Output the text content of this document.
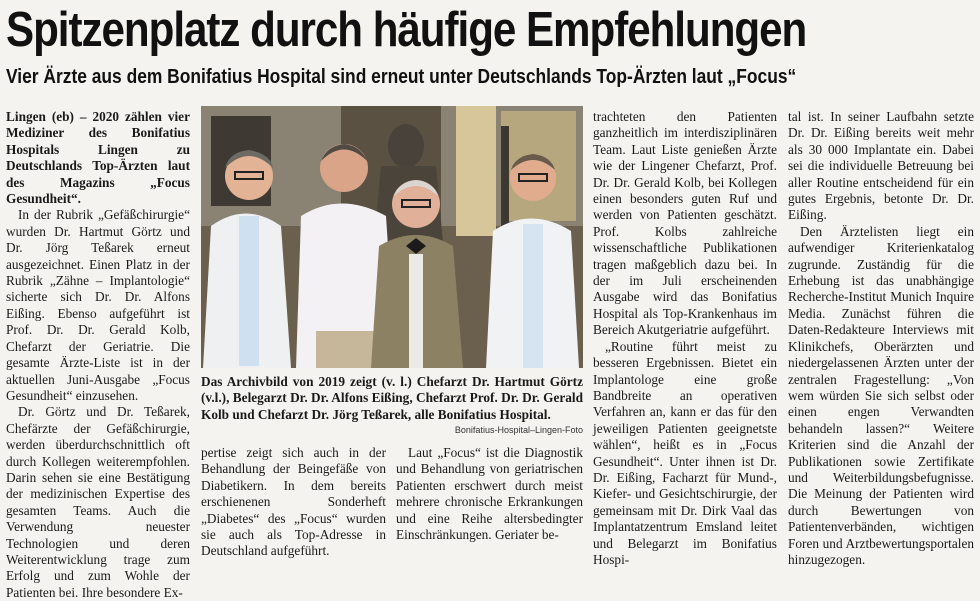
Spitzenplatz durch häufige Empfehlungen
Vier Ärzte aus dem Bonifatius Hospital sind erneut unter Deutschlands Top-Ärzten laut „Focus“

Lingen (eb) – 2020 zählen vier Mediziner des Bonifatius Hospitals Lingen zu Deutschlands Top-Ärzten laut des Magazins „Focus Gesundheit“.

In der Rubrik „Gefäßchirurgie“ wurden Dr. Hartmut Görtz und Dr. Jörg Teßarek erneut ausgezeichnet. Einen Platz in der Rubrik „Zähne – Implantologie“ sicherte sich Dr. Dr. Alfons Eißing. Ebenso aufgeführt ist Prof. Dr. Dr. Gerald Kolb, Chefarzt der Geriatrie. Die gesamte Ärzte-Liste ist in der aktuellen Juni-Ausgabe „Focus Gesundheit“ einzusehen.

Dr. Görtz und Dr. Teßarek, Chefärzte der Gefäßchirurgie, werden überdurchschnittlich oft durch Kollegen weiterempfohlen. Darin sehen sie eine Bestätigung der medizinischen Expertise des gesamten Teams. Auch die Verwendung neuester Technologien und deren Weiterentwicklung trage zum Erfolg und zum Wohle der Patienten bei. Ihre besondere Ex-

Das Archivbild von 2019 zeigt (v. l.) Chefarzt Dr. Hartmut Görtz (v.l.), Belegarzt Dr. Dr. Alfons Eißing, Chefarzt Prof. Dr. Dr. Gerald Kolb und Chefarzt Dr. Jörg Teßarek, alle Bonifatius Hospital.
Bonifatius-Hospital–Lingen-Foto

pertise zeigt sich auch in der Behandlung der Beingefäße von Diabetikern. In dem bereits erschienenen Sonderheft „Diabetes“ des „Focus“ wurden sie auch als Top-Adresse in Deutschland aufgeführt.

Laut „Focus“ ist die Diagnostik und Behandlung von geriatrischen Patienten erschwert durch meist mehrere chronische Erkrankungen und eine Reihe altersbedingter Einschränkungen. Geriater be-

trachteten den Patienten ganzheitlich im interdisziplinären Team. Laut Liste genießen Ärzte wie der Lingener Chefarzt, Prof. Dr. Dr. Gerald Kolb, bei Kollegen einen besonders guten Ruf und werden von Patienten geschätzt. Prof. Kolbs zahlreiche wissenschaftliche Publikationen tragen maßgeblich dazu bei. In der im Juli erscheinenden Ausgabe wird das Bonifatius Hospital als Top-Krankenhaus im Bereich Akutgeriatrie aufgeführt.

„Routine führt meist zu besseren Ergebnissen. Bietet ein Implantologe eine große Bandbreite an operativen Verfahren an, kann er das für den jeweiligen Patienten geeignetste wählen“, heißt es in „Focus Gesundheit“. Unter ihnen ist Dr. Dr. Eißing, Facharzt für Mund-, Kiefer- und Gesichtschirurgie, der gemeinsam mit Dr. Dirk Vaal das Implantatzentrum Emsland leitet und Belegarzt im Bonifatius Hospi-

tal ist. In seiner Laufbahn setzte Dr. Dr. Eißing bereits weit mehr als 30 000 Implantate ein. Dabei sei die individuelle Betreuung bei aller Routine entscheidend für ein gutes Ergebnis, betonte Dr. Dr. Eißing.

Den Ärztelisten liegt ein aufwendiger Kriterienkatalog zugrunde. Zuständig für die Erhebung ist das unabhängige Recherche-Institut Munich Inquire Media. Zunächst führen die Daten-Redakteure Interviews mit Klinikchefs, Oberärzten und niedergelassenen Ärzten unter der zentralen Fragestellung: „Von wem würden Sie sich selbst oder einen engen Verwandten behandeln lassen?“ Weitere Kriterien sind die Anzahl der Publikationen sowie Zertifikate und Weiterbildungsbefugnisse. Die Meinung der Patienten wird durch Bewertungen von Patientenverbänden, wichtigen Foren und Arztbewertungsportalen hinzugezogen.
